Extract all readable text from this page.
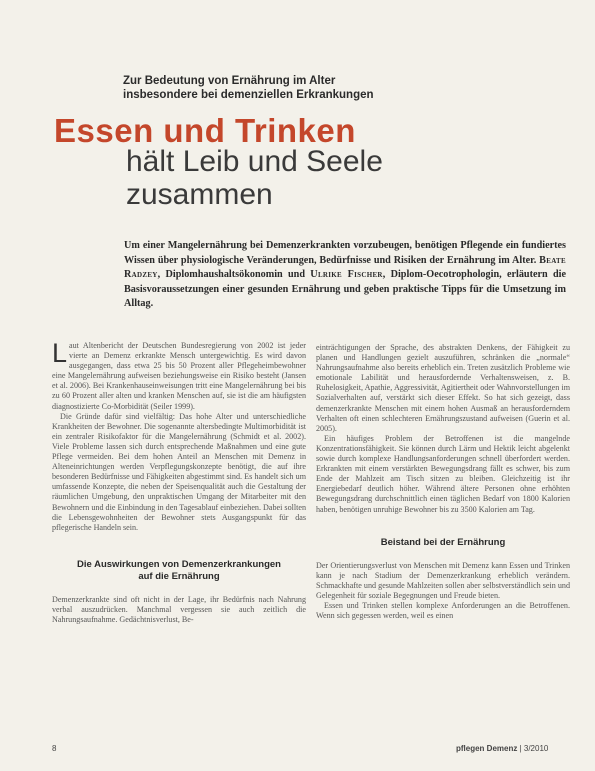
Zur Bedeutung von Ernährung im Alter
insbesondere bei demenziellen Erkrankungen
Essen und Trinken
hält Leib und Seele
zusammen
Um einer Mangelernährung bei Demenzerkrankten vorzubeugen, benötigen Pflegende ein fundiertes Wissen über physiologische Veränderungen, Bedürfnisse und Risiken der Ernährung im Alter. Beate Radzey, Diplomhaushaltsökonomin und Ulrike Fischer, Diplom-Oecotrophologin, erläutern die Basisvoraussetzungen einer gesunden Ernährung und geben praktische Tipps für die Umsetzung im Alltag.

Laut Altenbericht der Deutschen Bundesregierung von 2002 ist jeder vierte an Demenz erkrankte Mensch untergewichtig. Es wird davon ausgegangen, dass etwa 25 bis 50 Prozent aller Pflegeheimbewohner eine Mangelernährung aufweisen beziehungsweise ein Risiko besteht (Jansen et al. 2006). Bei Krankenhauseinweisungen tritt eine Mangelernährung bei bis zu 60 Prozent aller alten und kranken Menschen auf, sie ist die am häufigsten diagnostizierte Co-Morbidität (Seiler 1999).

Die Gründe dafür sind vielfältig: Das hohe Alter und unterschiedliche Krankheiten der Bewohner. Die sogenannte altersbedingte Multimorbidität ist ein zentraler Risikofaktor für die Mangelernährung (Schmidt et al. 2002). Viele Probleme lassen sich durch entsprechende Maßnahmen und eine gute Pflege vermeiden. Bei dem hohen Anteil an Menschen mit Demenz in Alteneinrichtungen werden Verpflegungskonzepte benötigt, die auf ihre besonderen Bedürfnisse und Fähigkeiten abgestimmt sind. Es handelt sich um umfassende Konzepte, die neben der Speisenqualität auch die Gestaltung der räumlichen Umgebung, den unpraktischen Umgang der Mitarbeiter mit den Bewohnern und die Einbindung in den Tagesablauf einbeziehen. Dabei sollten die Lebensgewohnheiten der Bewohner stets Ausgangspunkt für das pflegerische Handeln sein.

Die Auswirkungen von Demenzerkrankungen
auf die Ernährung

Demenzerkrankte sind oft nicht in der Lage, ihr Bedürfnis nach Nahrung verbal auszudrücken. Manchmal vergessen sie auch zeitlich die Nahrungsaufnahme. Gedächtnisverlust, Be-

einträchtigungen der Sprache, des abstrakten Denkens, der Fähigkeit zu planen und Handlungen gezielt auszuführen, schränken die „normale“ Nahrungsaufnahme also bereits erheblich ein. Treten zusätzlich Probleme wie emotionale Labilität und herausfordernde Verhaltensweisen, z. B. Ruhelosigkeit, Apathie, Aggressivität, Agitiertheit oder Wahnvorstellungen im Sozialverhalten auf, verstärkt sich dieser Effekt. So hat sich gezeigt, dass demenzerkrankte Menschen mit einem hohen Ausmaß an herausforderndem Verhalten oft einen schlechteren Ernährungszustand aufweisen (Guerin et al. 2005).

Ein häufiges Problem der Betroffenen ist die mangelnde Konzentrationsfähigkeit. Sie können durch Lärm und Hektik leicht abgelenkt sowie durch komplexe Handlungsanforderungen schnell überfordert werden. Erkrankten mit einem verstärkten Bewegungsdrang fällt es schwer, bis zum Ende der Mahlzeit am Tisch sitzen zu bleiben. Gleichzeitig ist ihr Energiebedarf deutlich höher. Während ältere Personen ohne erhöhten Bewegungsdrang durchschnittlich einen täglichen Bedarf von 1800 Kalorien haben, benötigen unruhige Bewohner bis zu 3500 Kalorien am Tag.

Beistand bei der Ernährung

Der Orientierungsverlust von Menschen mit Demenz kann Essen und Trinken kann je nach Stadium der Demenzerkrankung erheblich verändern. Schmackhafte und gesunde Mahlzeiten sollen aber selbstverständlich sein und Gelegenheit für soziale Begegnungen und Freude bieten.

Essen und Trinken stellen komplexe Anforderungen an die Betroffenen. Wenn sich gegessen werden, weil es einen

8	pflegen Demenz | 3/2010
